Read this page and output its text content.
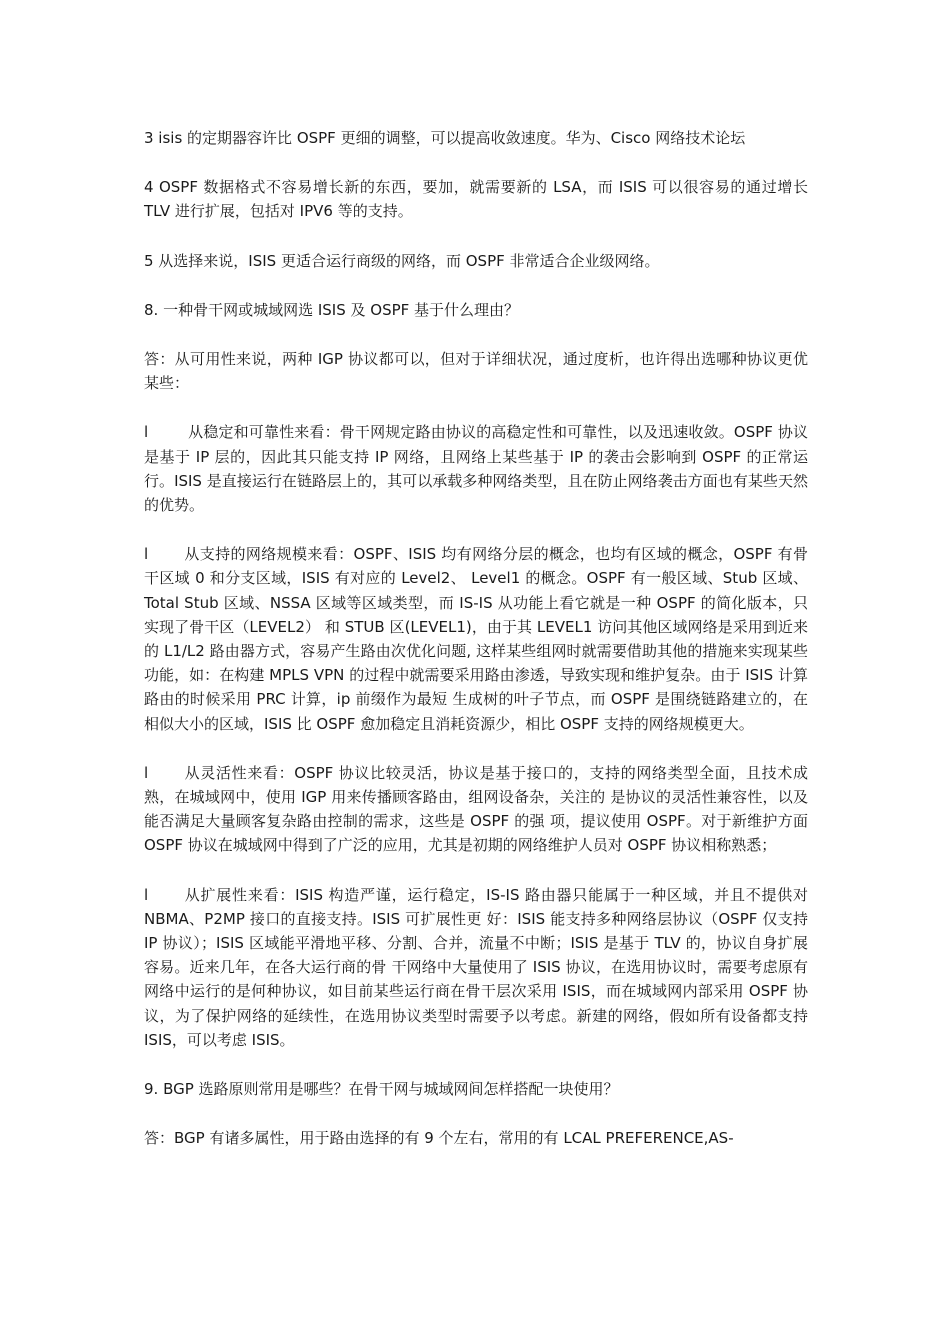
3 isis 的定期器容许比 OSPF 更细的调整，可以提高收敛速度。华为、Cisco 网络技术论坛

4 OSPF 数据格式不容易增长新的东西，要加，就需要新的 LSA，而 ISIS 可以很容易的通过增长 TLV 进行扩展，包括对 IPV6 等的支持。

5 从选择来说，ISIS 更适合运行商级的网络，而 OSPF 非常适合企业级网络。

8. 一种骨干网或城域网选 ISIS 及 OSPF 基于什么理由？

答：从可用性来说，两种 IGP 协议都可以，但对于详细状况，通过度析，也许得出选哪种协议更优某些：

l	从稳定和可靠性来看：骨干网规定路由协议的高稳定性和可靠性，以及迅速收敛。OSPF 协议是基于 IP 层的，因此其只能支持 IP 网络，且网络上某些基于 IP 的袭击会影响到 OSPF 的正常运行。ISIS 是直接运行在链路层上的，其可以承载多种网络类型，且在防止网络袭击方面也有某些天然的优势。

l 从支持的网络规模来看：OSPF、ISIS 均有网络分层的概念，也均有区域的概念，OSPF 有骨干区域 0 和分支区域，ISIS 有对应的 Level2、 Level1 的概念。OSPF 有一般区域、Stub 区域、Total Stub 区域、NSSA 区域等区域类型，而 IS-IS 从功能上看它就是一种 OSPF 的简化版本，只实现了骨干区（LEVEL2） 和 STUB 区(LEVEL1)，由于其 LEVEL1 访问其他区域网络是采用到近来的 L1/L2 路由器方式，容易产生路由次优化问题, 这样某些组网时就需要借助其他的措施来实现某些功能，如：在构建 MPLS VPN 的过程中就需要采用路由渗透，导致实现和维护复杂。由于 ISIS 计算路由的时候采用 PRC 计算，ip 前缀作为最短 生成树的叶子节点，而 OSPF 是围绕链路建立的，在相似大小的区域，ISIS 比 OSPF 愈加稳定且消耗资源少，相比 OSPF 支持的网络规模更大。

l 从灵活性来看：OSPF 协议比较灵活，协议是基于接口的，支持的网络类型全面，且技术成熟，在城域网中，使用 IGP 用来传播顾客路由，组网设备杂，关注的 是协议的灵活性兼容性，以及能否满足大量顾客复杂路由控制的需求，这些是 OSPF 的强 项，提议使用 OSPF。对于新维护方面 OSPF 协议在城域网中得到了广泛的应用，尤其是初期的网络维护人员对 OSPF 协议相称熟悉；

l 从扩展性来看：ISIS 构造严谨，运行稳定，IS-IS 路由器只能属于一种区域，并且不提供对 NBMA、P2MP 接口的直接支持。ISIS 可扩展性更 好：ISIS 能支持多种网络层协议（OSPF 仅支持 IP 协议）；ISIS 区域能平滑地平移、分割、合并，流量不中断；ISIS 是基于 TLV 的，协议自身扩展容易。近来几年，在各大运行商的骨 干网络中大量使用了 ISIS 协议，在选用协议时，需要考虑原有网络中运行的是何种协议，如目前某些运行商在骨干层次采用 ISIS，而在城域网内部采用 OSPF 协议，为了保护网络的延续性，在选用协议类型时需要予以考虑。新建的网络，假如所有设备都支持 ISIS，可以考虑 ISIS。

9. BGP 选路原则常用是哪些？在骨干网与城域网间怎样搭配一块使用？

答：BGP 有诸多属性，用于路由选择的有 9 个左右，常用的有 LCAL PREFERENCE,AS-
